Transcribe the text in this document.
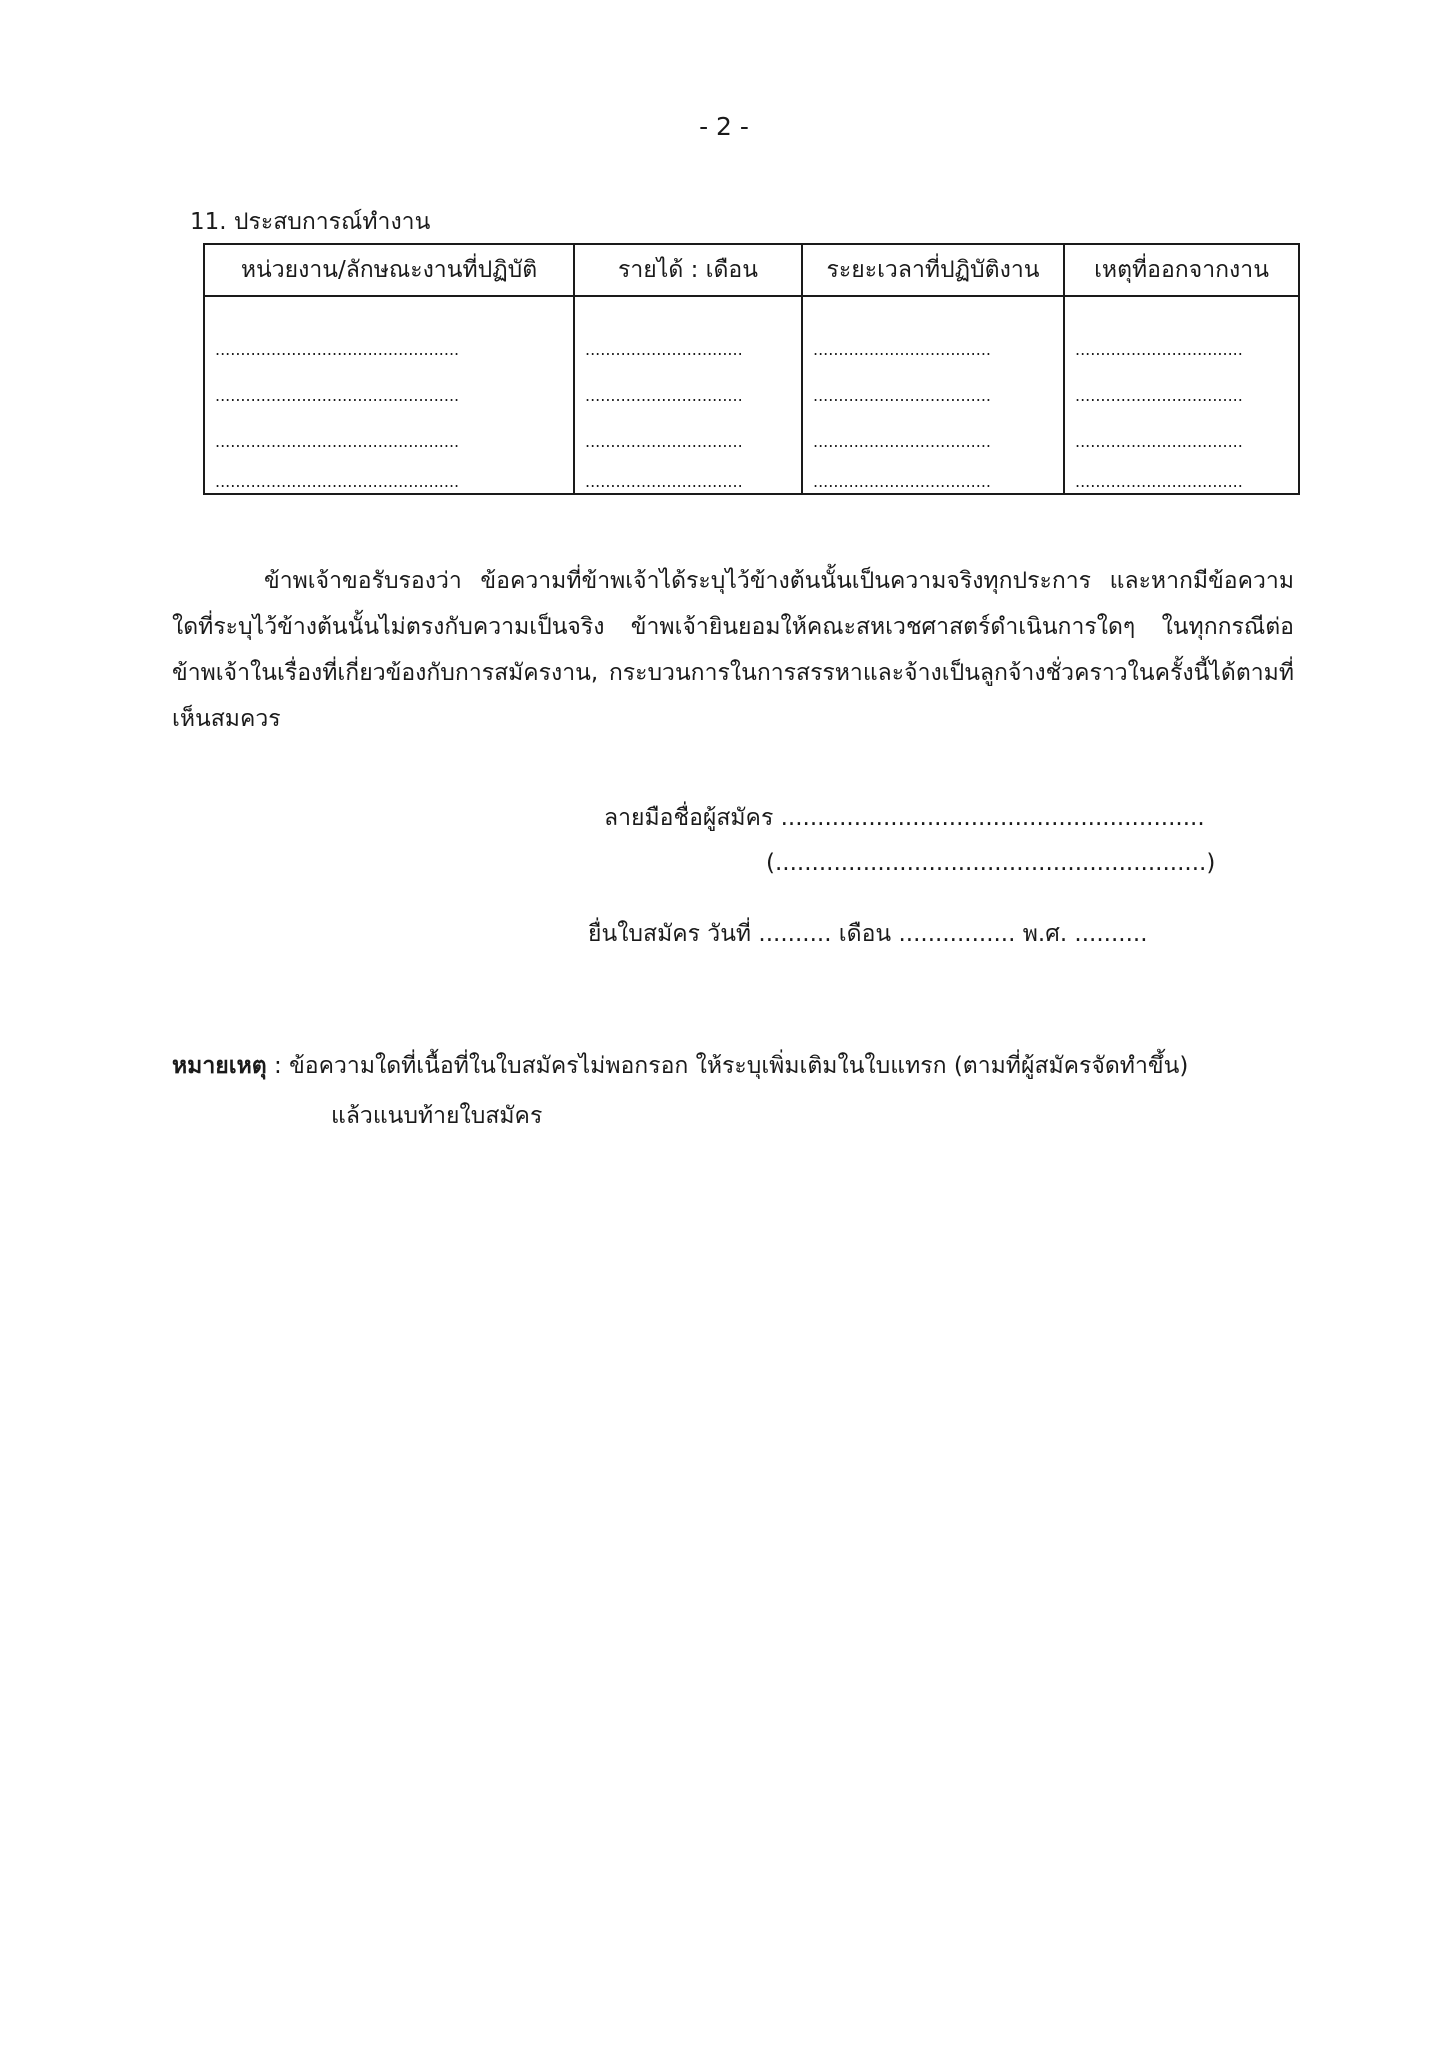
- 2 -
11. ประสบการณ์ทำงาน
หน่วยงาน/ลักษณะงานที่ปฏิบัติ	รายได้ : เดือน	ระยะเวลาที่ปฏิบัติงาน	เหตุที่ออกจากงาน
................................................	...............................	...................................	.................................
................................................	...............................	...................................	.................................
................................................	...............................	...................................	.................................
................................................	...............................	...................................	.................................

ข้าพเจ้าขอรับรองว่า ข้อความที่ข้าพเจ้าได้ระบุไว้ข้างต้นนั้นเป็นความจริงทุกประการ และหากมีข้อความใดที่ระบุไว้ข้างต้นนั้นไม่ตรงกับความเป็นจริง ข้าพเจ้ายินยอมให้คณะสหเวชศาสตร์ดำเนินการใดๆ ในทุกกรณีต่อข้าพเจ้าในเรื่องที่เกี่ยวข้องกับการสมัครงาน, กระบวนการในการสรรหาและจ้างเป็นลูกจ้างชั่วคราวในครั้งนี้ได้ตามที่เห็นสมควร

ลายมือชื่อผู้สมัคร ..........................................................
(...........................................................)
ยื่นใบสมัคร วันที่ .......... เดือน ................ พ.ศ. ..........
หมายเหตุ : ข้อความใดที่เนื้อที่ในใบสมัครไม่พอกรอก ให้ระบุเพิ่มเติมในใบแทรก (ตามที่ผู้สมัครจัดทำขึ้น)
แล้วแนบท้ายใบสมัคร
